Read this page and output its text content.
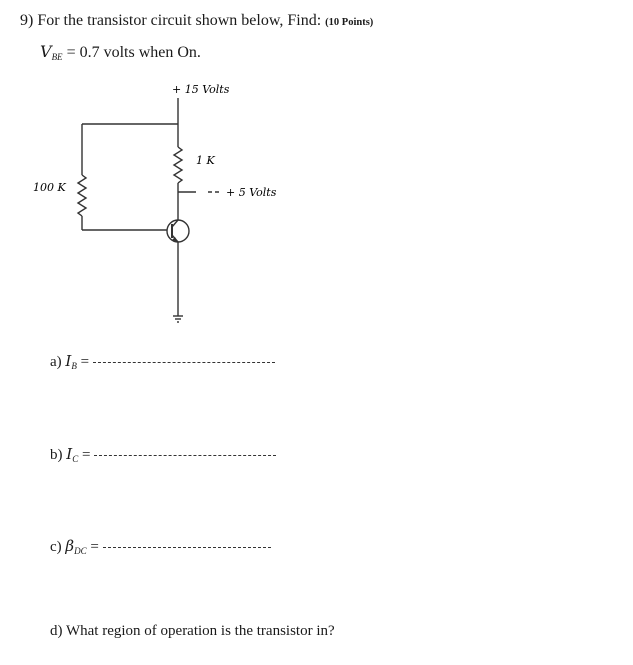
9) For the transistor circuit shown below, Find: (10 Points)
$V_{BE} = 0.7$ volts when On.
+ 15 Volts
1 K
100 K	+ 5 Volts
a) $I_B$ =
b) $I_C$ =
c) $\beta_{DC}$ =
d) What region of operation is the transistor in?
